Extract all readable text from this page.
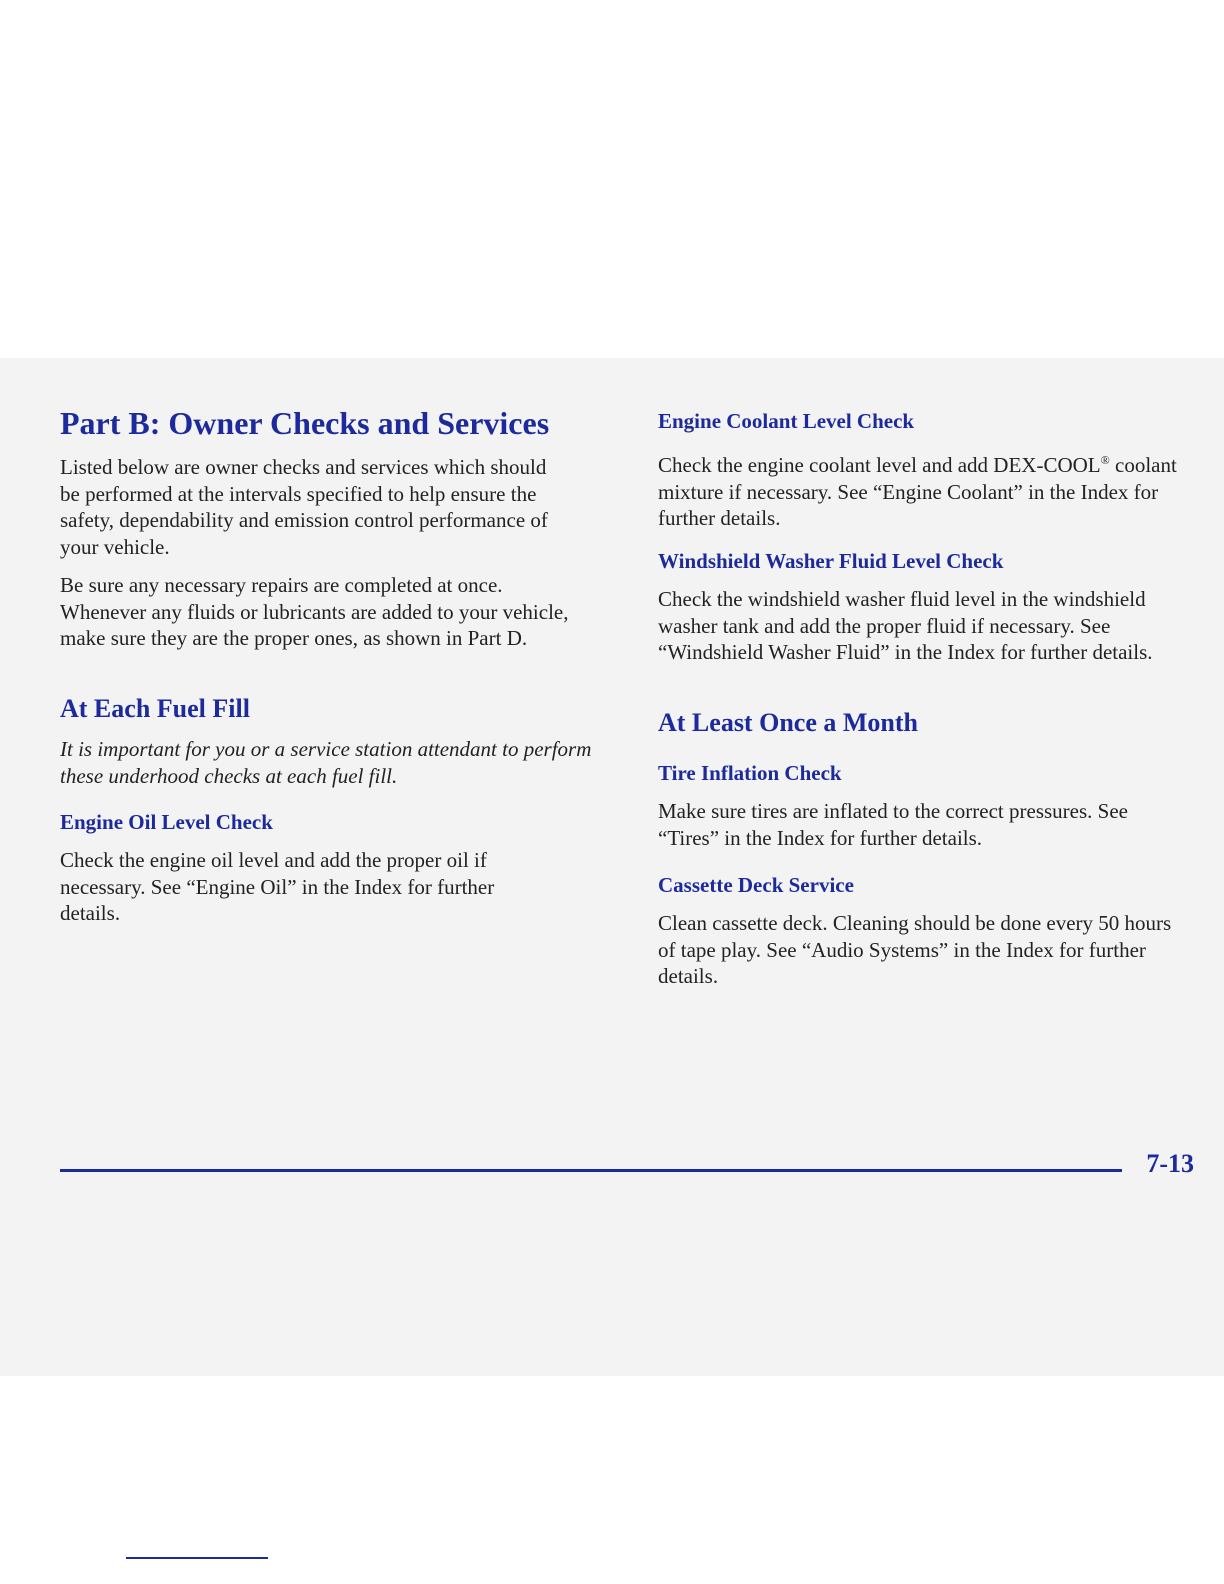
Part B: Owner Checks and Services

Listed below are owner checks and services which should be performed at the intervals specified to help ensure the safety, dependability and emission control performance of your vehicle.

Be sure any necessary repairs are completed at once. Whenever any fluids or lubricants are added to your vehicle, make sure they are the proper ones, as shown in Part D.

At Each Fuel Fill

It is important for you or a service station attendant to perform these underhood checks at each fuel fill.

Engine Oil Level Check

Check the engine oil level and add the proper oil if necessary. See “Engine Oil” in the Index for further details.

Engine Coolant Level Check

Check the engine coolant level and add DEX-COOL® coolant mixture if necessary. See “Engine Coolant” in the Index for further details.

Windshield Washer Fluid Level Check

Check the windshield washer fluid level in the windshield washer tank and add the proper fluid if necessary. See “Windshield Washer Fluid” in the Index for further details.

At Least Once a Month
Tire Inflation Check

Make sure tires are inflated to the correct pressures. See “Tires” in the Index for further details.

Cassette Deck Service

Clean cassette deck. Cleaning should be done every 50 hours of tape play. See “Audio Systems” in the Index for further details.

7-13
